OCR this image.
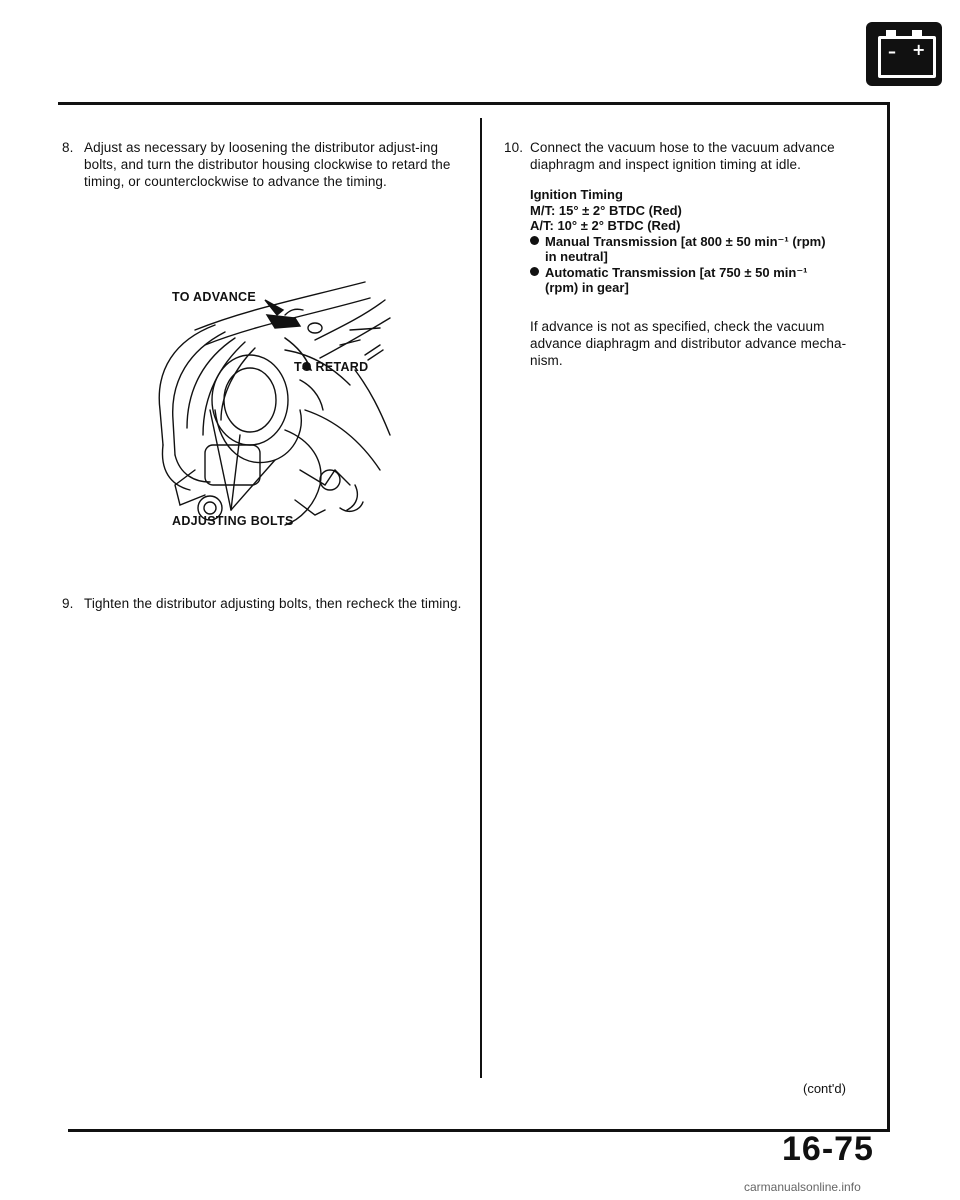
– +
8. Adjust as necessary by loosening the distributor adjust-ing bolts, and turn the distributor housing clockwise to retard the timing, or counterclockwise to advance the timing.
TO ADVANCE
TO RETARD
ADJUSTING BOLTS
9. Tighten the distributor adjusting bolts, then recheck the timing.
10. Connect the vacuum hose to the vacuum advance diaphragm and inspect ignition timing at idle.
Ignition Timing
M/T: 15° ± 2° BTDC (Red)
A/T: 10° ± 2° BTDC (Red)
Manual Transmission [at 800 ± 50 min⁻¹ (rpm)
in neutral]
Automatic Transmission [at 750 ± 50 min⁻¹
(rpm) in gear]
If advance is not as specified, check the vacuum advance diaphragm and distributor advance mecha-nism.
(cont'd)
16-75
carmanualsonline.info
